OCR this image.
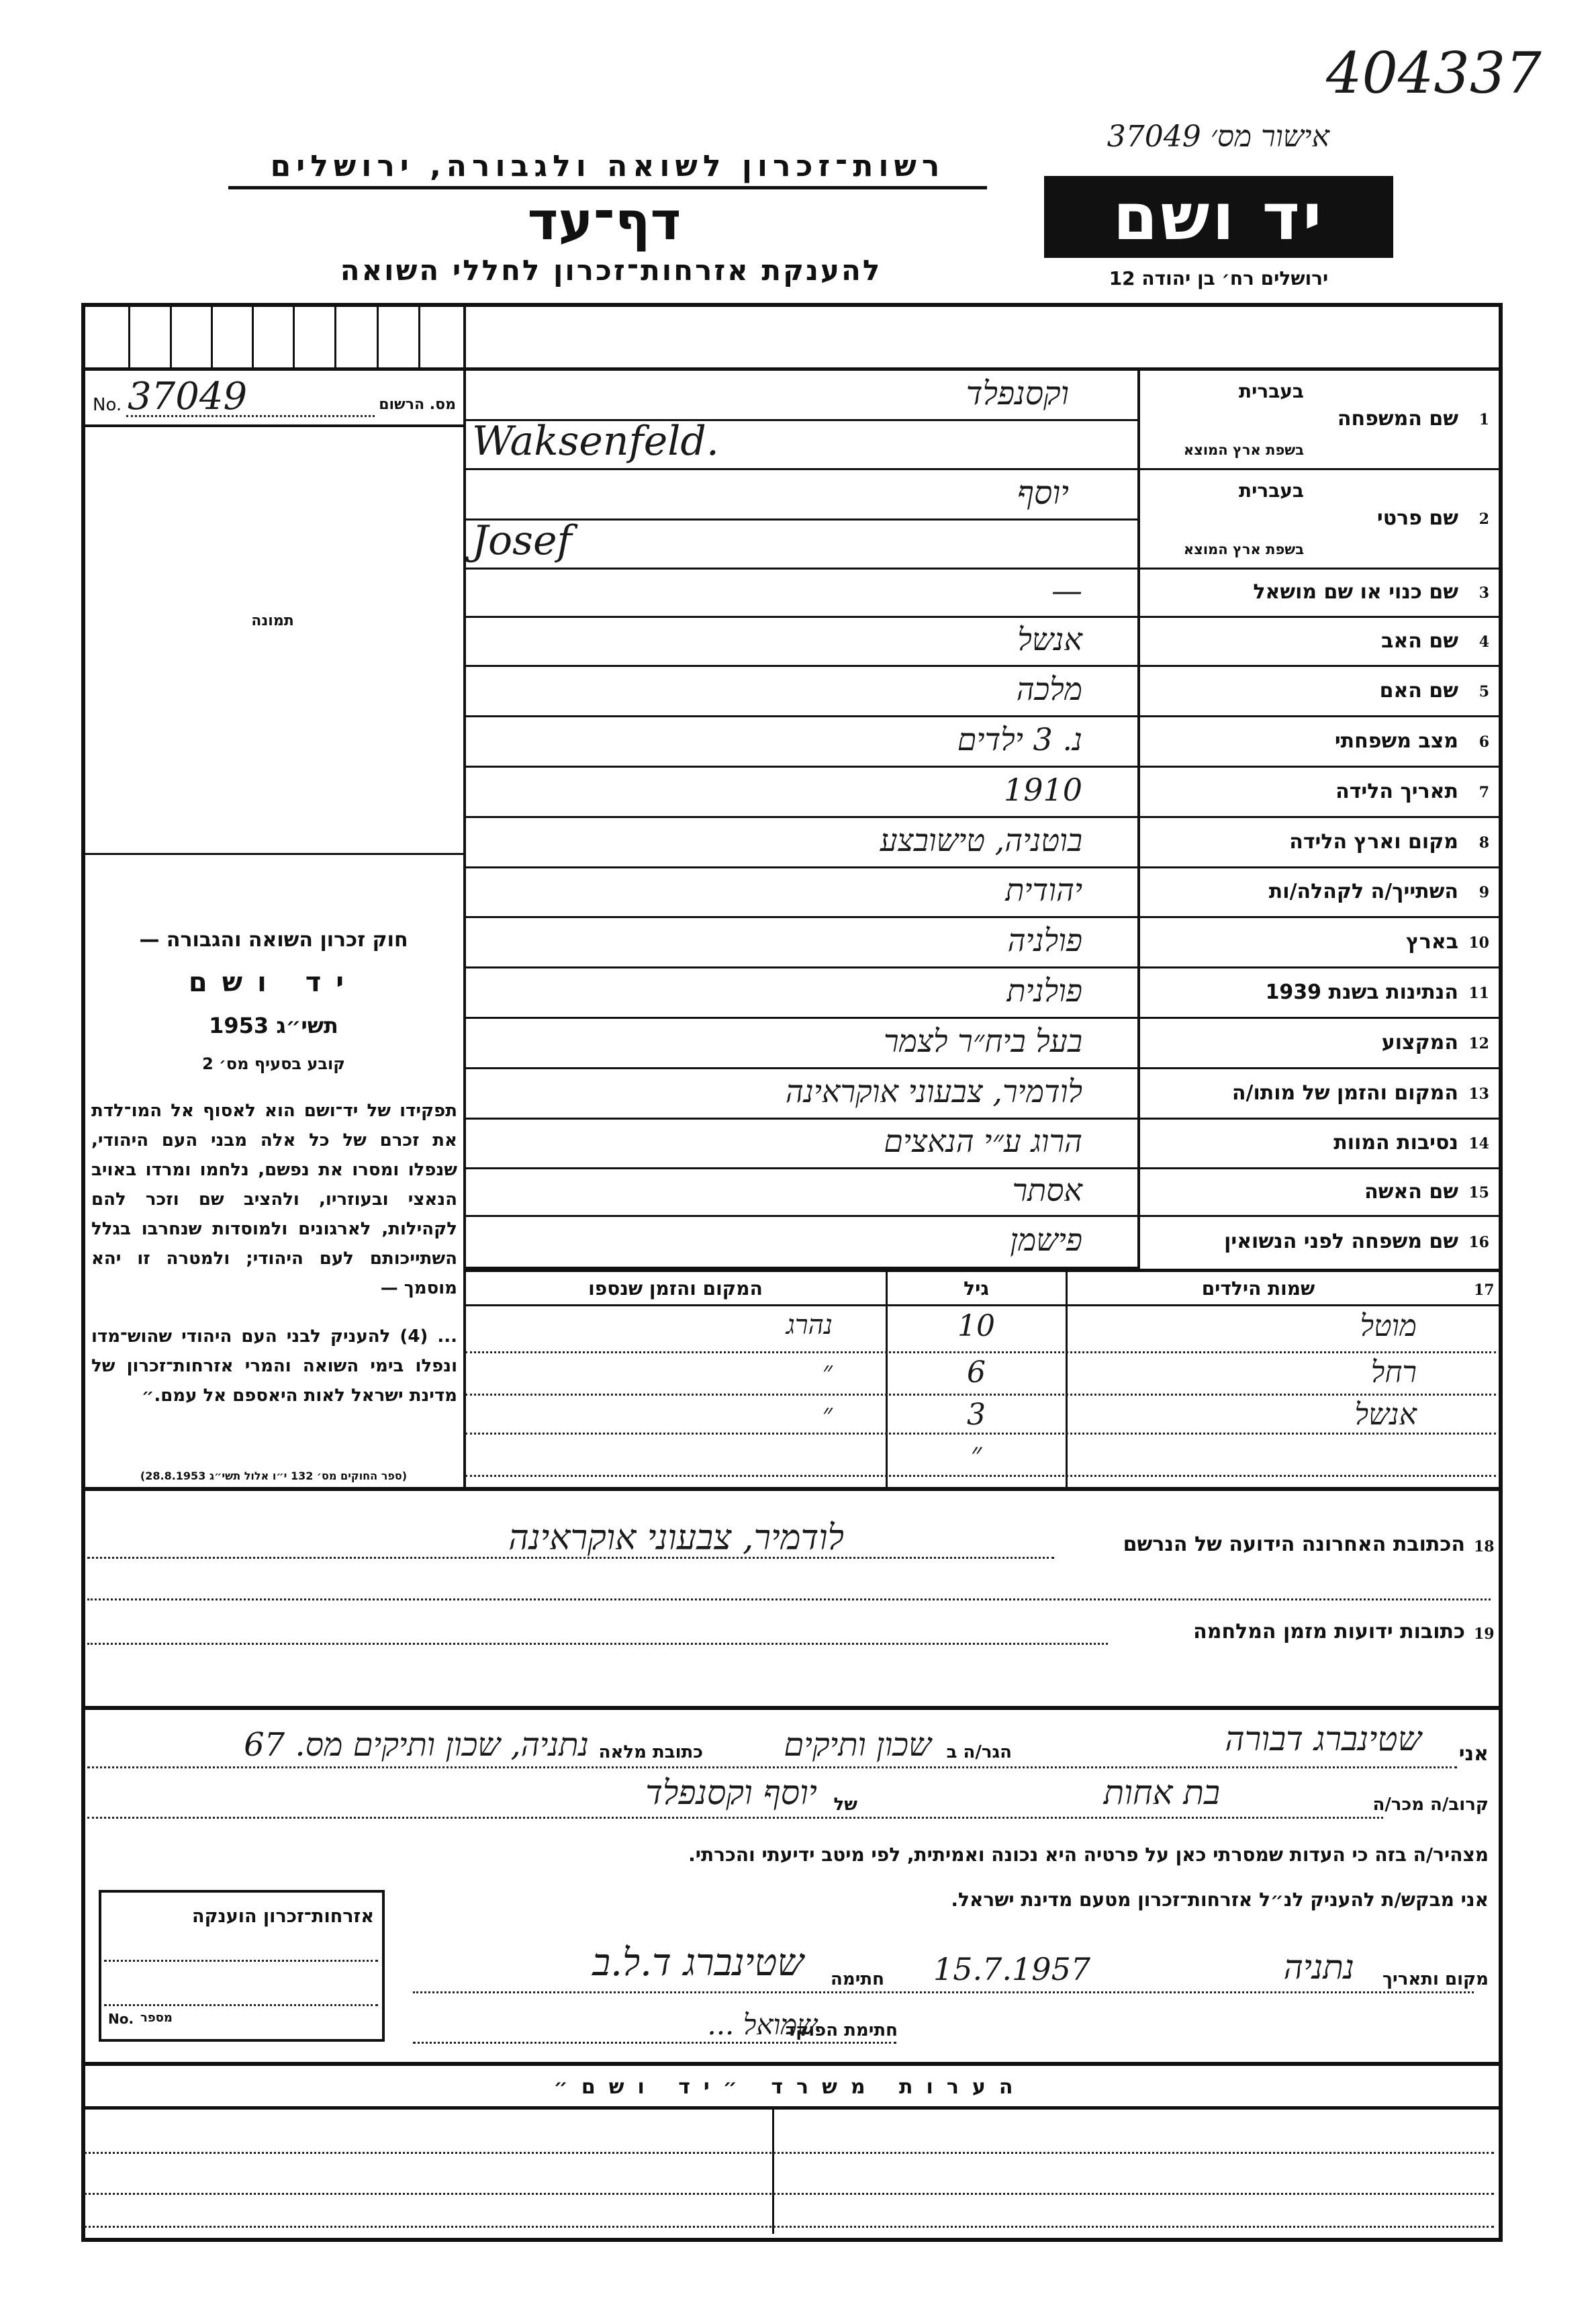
404337
אישור מס׳ 37049
רשות־זכרון לשואה ולגבורה, ירושלים
דף־עד
להענקת אזרחות־זכרון לחללי השואה
יד ושם
ירושלים רח׳ בן יהודה 12
No. 37049	מס. הרשום
תמונה
חוק זכרון השואה והגבורה —
יד ושם
תשי״ג 1953
קובע בסעיף מס׳ 2
תפקידו של יד־ושם הוא לאסוף אל המו־לדת את זכרם של כל אלה מבני העם היהודי, שנפלו ומסרו את נפשם, נלחמו ומרדו באויב הנאצי ובעוזריו, ולהציב שם וזכר להם לקהילות, לארגונים ולמוסדות שנחרבו בגלל השתייכותם לעם היהודי; ולמטרה זו יהא מוסמך —
... (4) להעניק לבני העם היהודי שהוש־מדו ונפלו בימי השואה והמרי אזרחות־זכרון של מדינת ישראל לאות היאספם אל עמם.״
(ספר החוקים מס׳ 132 י״ו אלול תשי״ג 28.8.1953)
1
שם המשפחה
בעברית
בשפת ארץ המוצא
וקסנפלד
Waksenfeld.
2
שם פרטי
בעברית
בשפת ארץ המוצא
יוסף
Josef
3
שם כנוי או שם מושאל
—
4
שם האב
אנשל
5
שם האם
מלכה
6
מצב משפחתי
נ. 3 ילדים
7
תאריך הלידה
1910
8
מקום וארץ הלידה
בוטניה, טישובצע
9
השתייך/ה לקהלה/ות
יהודית
10
בארץ
פולניה
11
הנתינות בשנת 1939
פולנית
12
המקצוע
בעל ביח״ר לצמר
13
המקום והזמן של מותו/ה
לודמיר, צבעוני אוקראינה
14
נסיבות המוות
הרוג ע״י הנאצים
15
שם האשה
אסתר
16
שם משפחה לפני הנשואין
פישמן
17
שמות הילדים
גיל
המקום והזמן שנספו
מוטל
10
נהרג
רחל
6
״
אנשל
3
״
״
18
הכתובת האחרונה הידועה של הנרשם
לודמיר, צבעוני אוקראינה
19
כתובות ידועות מזמן המלחמה
אני
שטינברג דבורה
הגר/ה ב
שכון ותיקים
כתובת מלאה
נתניה, שכון ותיקים מס. 67
קרוב/ה מכר/ה
בת אחות
של
יוסף וקסנפלד
מצהיר/ה בזה כי העדות שמסרתי כאן על פרטיה היא נכונה ואמיתית, לפי מיטב ידיעתי והכרתי.
אני מבקש/ת להעניק לנ״ל אזרחות־זכרון מטעם מדינת ישראל.
מקום ותאריך
נתניה
15.7.1957
חתימה
שטינברג ד.ל.ב
חתימת הפוקד
שמואל ...
אזרחות־זכרון הוענקה
No. מספר
הערות משרד ״יד ושם״
